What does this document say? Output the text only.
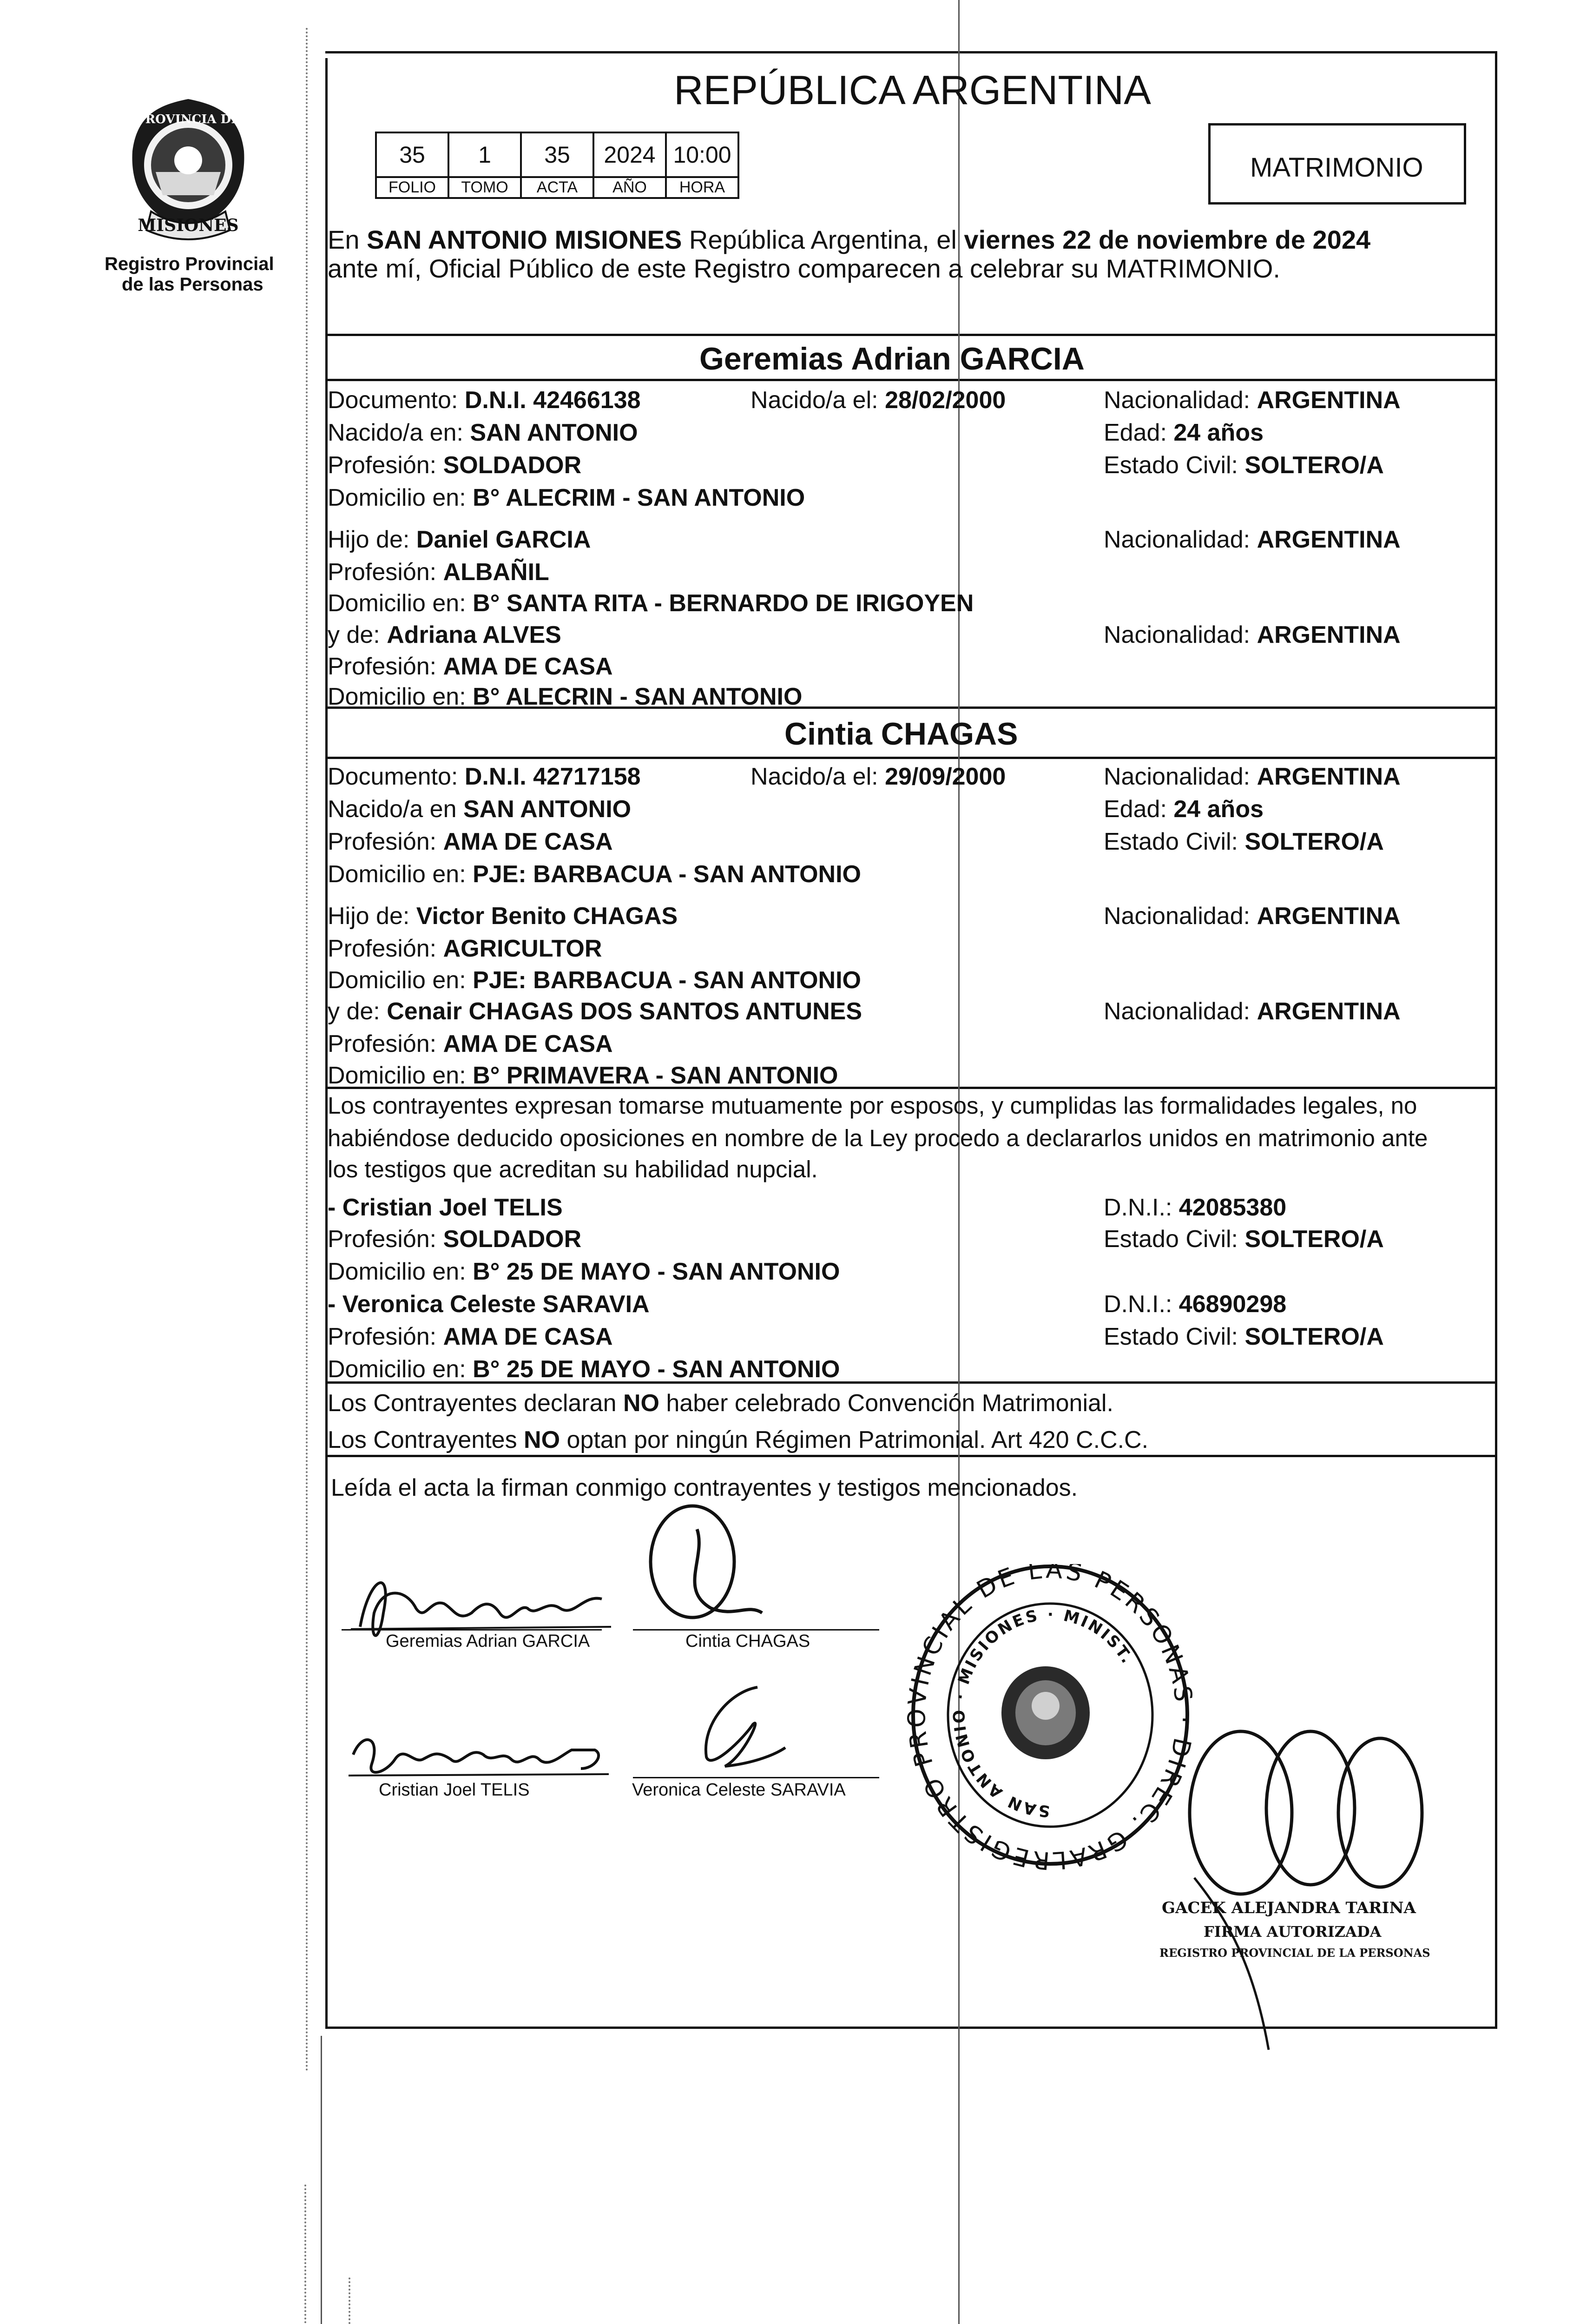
PROVINCIA DE
MISIONES
Registro Provincial
de las Personas
REPÚBLICA ARGENTINA
35	1	35	2024	10:00
FOLIO	TOMO	ACTA	AÑO	HORA
MATRIMONIO
En SAN ANTONIO MISIONES República Argentina, el viernes 22 de noviembre de 2024
ante mí, Oficial Público de este Registro comparecen a celebrar su MATRIMONIO.
Geremias Adrian GARCIA
Documento: D.N.I. 42466138	Nacido/a el: 28/02/2000	Nacionalidad: ARGENTINA
Nacido/a en: SAN ANTONIO	Edad: 24 años
Profesión: SOLDADOR	Estado Civil: SOLTERO/A
Domicilio en: B° ALECRIM - SAN ANTONIO
Hijo de: Daniel GARCIA	Nacionalidad: ARGENTINA
Profesión: ALBAÑIL
Domicilio en: B° SANTA RITA - BERNARDO DE IRIGOYEN
y de: Adriana ALVES	Nacionalidad: ARGENTINA
Profesión: AMA DE CASA
Domicilio en: B° ALECRIN - SAN ANTONIO
Cintia CHAGAS
Documento: D.N.I. 42717158	Nacido/a el: 29/09/2000	Nacionalidad: ARGENTINA
Nacido/a en SAN ANTONIO	Edad: 24 años
Profesión: AMA DE CASA	Estado Civil: SOLTERO/A
Domicilio en: PJE: BARBACUA - SAN ANTONIO
Hijo de: Victor Benito CHAGAS	Nacionalidad: ARGENTINA
Profesión: AGRICULTOR
Domicilio en: PJE: BARBACUA - SAN ANTONIO
y de: Cenair CHAGAS DOS SANTOS ANTUNES	Nacionalidad: ARGENTINA
Profesión: AMA DE CASA
Domicilio en: B° PRIMAVERA - SAN ANTONIO
Los contrayentes expresan tomarse mutuamente por esposos, y cumplidas las formalidades legales, no
habiéndose deducido oposiciones en nombre de la Ley procedo a declararlos unidos en matrimonio ante
los testigos que acreditan su habilidad nupcial.
- Cristian Joel TELIS	D.N.I.: 42085380
Profesión: SOLDADOR	Estado Civil: SOLTERO/A
Domicilio en: B° 25 DE MAYO - SAN ANTONIO
- Veronica Celeste SARAVIA	D.N.I.: 46890298
Profesión: AMA DE CASA	Estado Civil: SOLTERO/A
Domicilio en: B° 25 DE MAYO - SAN ANTONIO
Los Contrayentes declaran NO haber celebrado Convención Matrimonial.
Los Contrayentes NO optan por ningún Régimen Patrimonial. Art 420 C.C.C.
Leída el acta la firman conmigo contrayentes y testigos mencionados.
Geremias Adrian GARCIA	Cintia CHAGAS
Cristian Joel TELIS	Veronica Celeste SARAVIA
REGISTRO PR VINCIAL DE LAS PERSONA DIREC. GRAL
SAN ANTONIO · MISIONES · MINIST.
GACEK ALEJANDRA TARINA
FIRMA AUTORIZADA
REGISTRO PROVINCIAL DE LA PERSONAS
